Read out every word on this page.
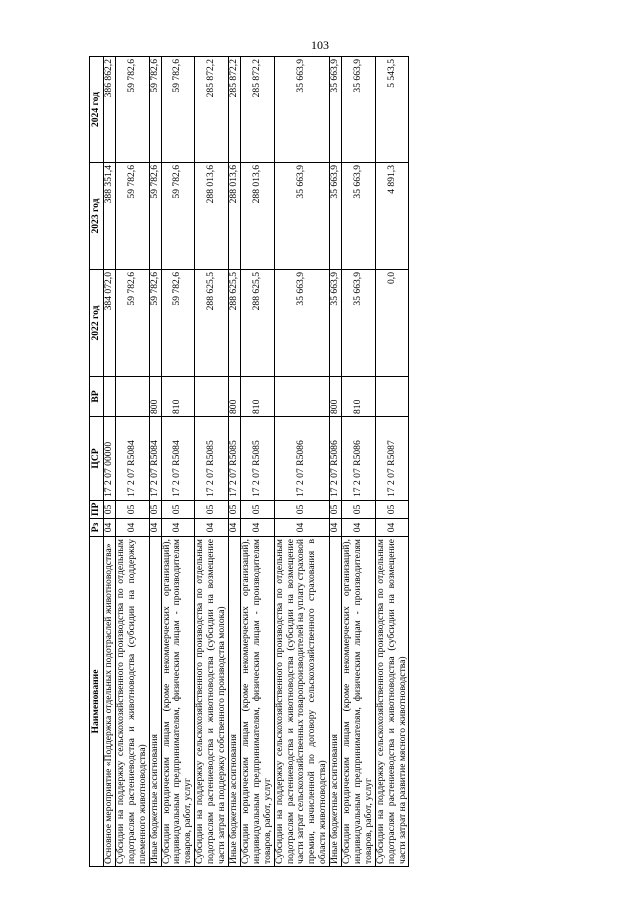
103
Наименование	Рз	ПР	ЦСР	ВР	2022 год	2023 год	2024 год
Основное мероприятие «Поддержка отдельных подотраслей животноводства»	04	05	17 2 07 00000		384 072,0	388 351,4	386 862,2
Субсидии на поддержку сельскохозяйственного производства по отдельным подотраслям растениеводства и животноводства (субсидии на поддержку племенного животноводства)	04	05	17 2 07 R5084		59 782,6	59 782,6	59 782,6
Иные бюджетные ассигнования	04	05	17 2 07 R5084	800	59 782,6	59 782,6	59 782,6
Субсидии юридическим лицам (кроме некоммерческих организаций), индивидуальным предпринимателям, физическим лицам - производителям товаров, работ, услуг	04	05	17 2 07 R5084	810	59 782,6	59 782,6	59 782,6
Субсидии на поддержку сельскохозяйственного производства по отдельным подотраслям растениеводства и животноводства (субсидии на возмещение части затрат на поддержку собственного производства молока)	04	05	17 2 07 R5085		288 625,5	288 013,6	285 872,2
Иные бюджетные ассигнования	04	05	17 2 07 R5085	800	288 625,5	288 013,6	285 872,2
Субсидии юридическим лицам (кроме некоммерческих организаций), индивидуальным предпринимателям, физическим лицам - производителям товаров, работ, услуг	04	05	17 2 07 R5085	810	288 625,5	288 013,6	285 872,2
Субсидии на поддержку сельскохозяйственного производства по отдельным подотраслям растениеводства и животноводства (субсидии на возмещение части затрат сельскохозяйственных товаропроизводителей на уплату страховой премии, начисленной по договору сельскохозяйственного страхования в области животноводства)	04	05	17 2 07 R5086		35 663,9	35 663,9	35 663,9
Иные бюджетные ассигнования	04	05	17 2 07 R5086	800	35 663,9	35 663,9	35 663,9
Субсидии юридическим лицам (кроме некоммерческих организаций), индивидуальным предпринимателям, физическим лицам - производителям товаров, работ, услуг	04	05	17 2 07 R5086	810	35 663,9	35 663,9	35 663,9
Субсидии на поддержку сельскохозяйственного производства по отдельным подотраслям растениеводства и животноводства (субсидии на возмещение части затрат на развитие мясного животноводства)	04	05	17 2 07 R5087		0,0	4 891,3	5 543,5
